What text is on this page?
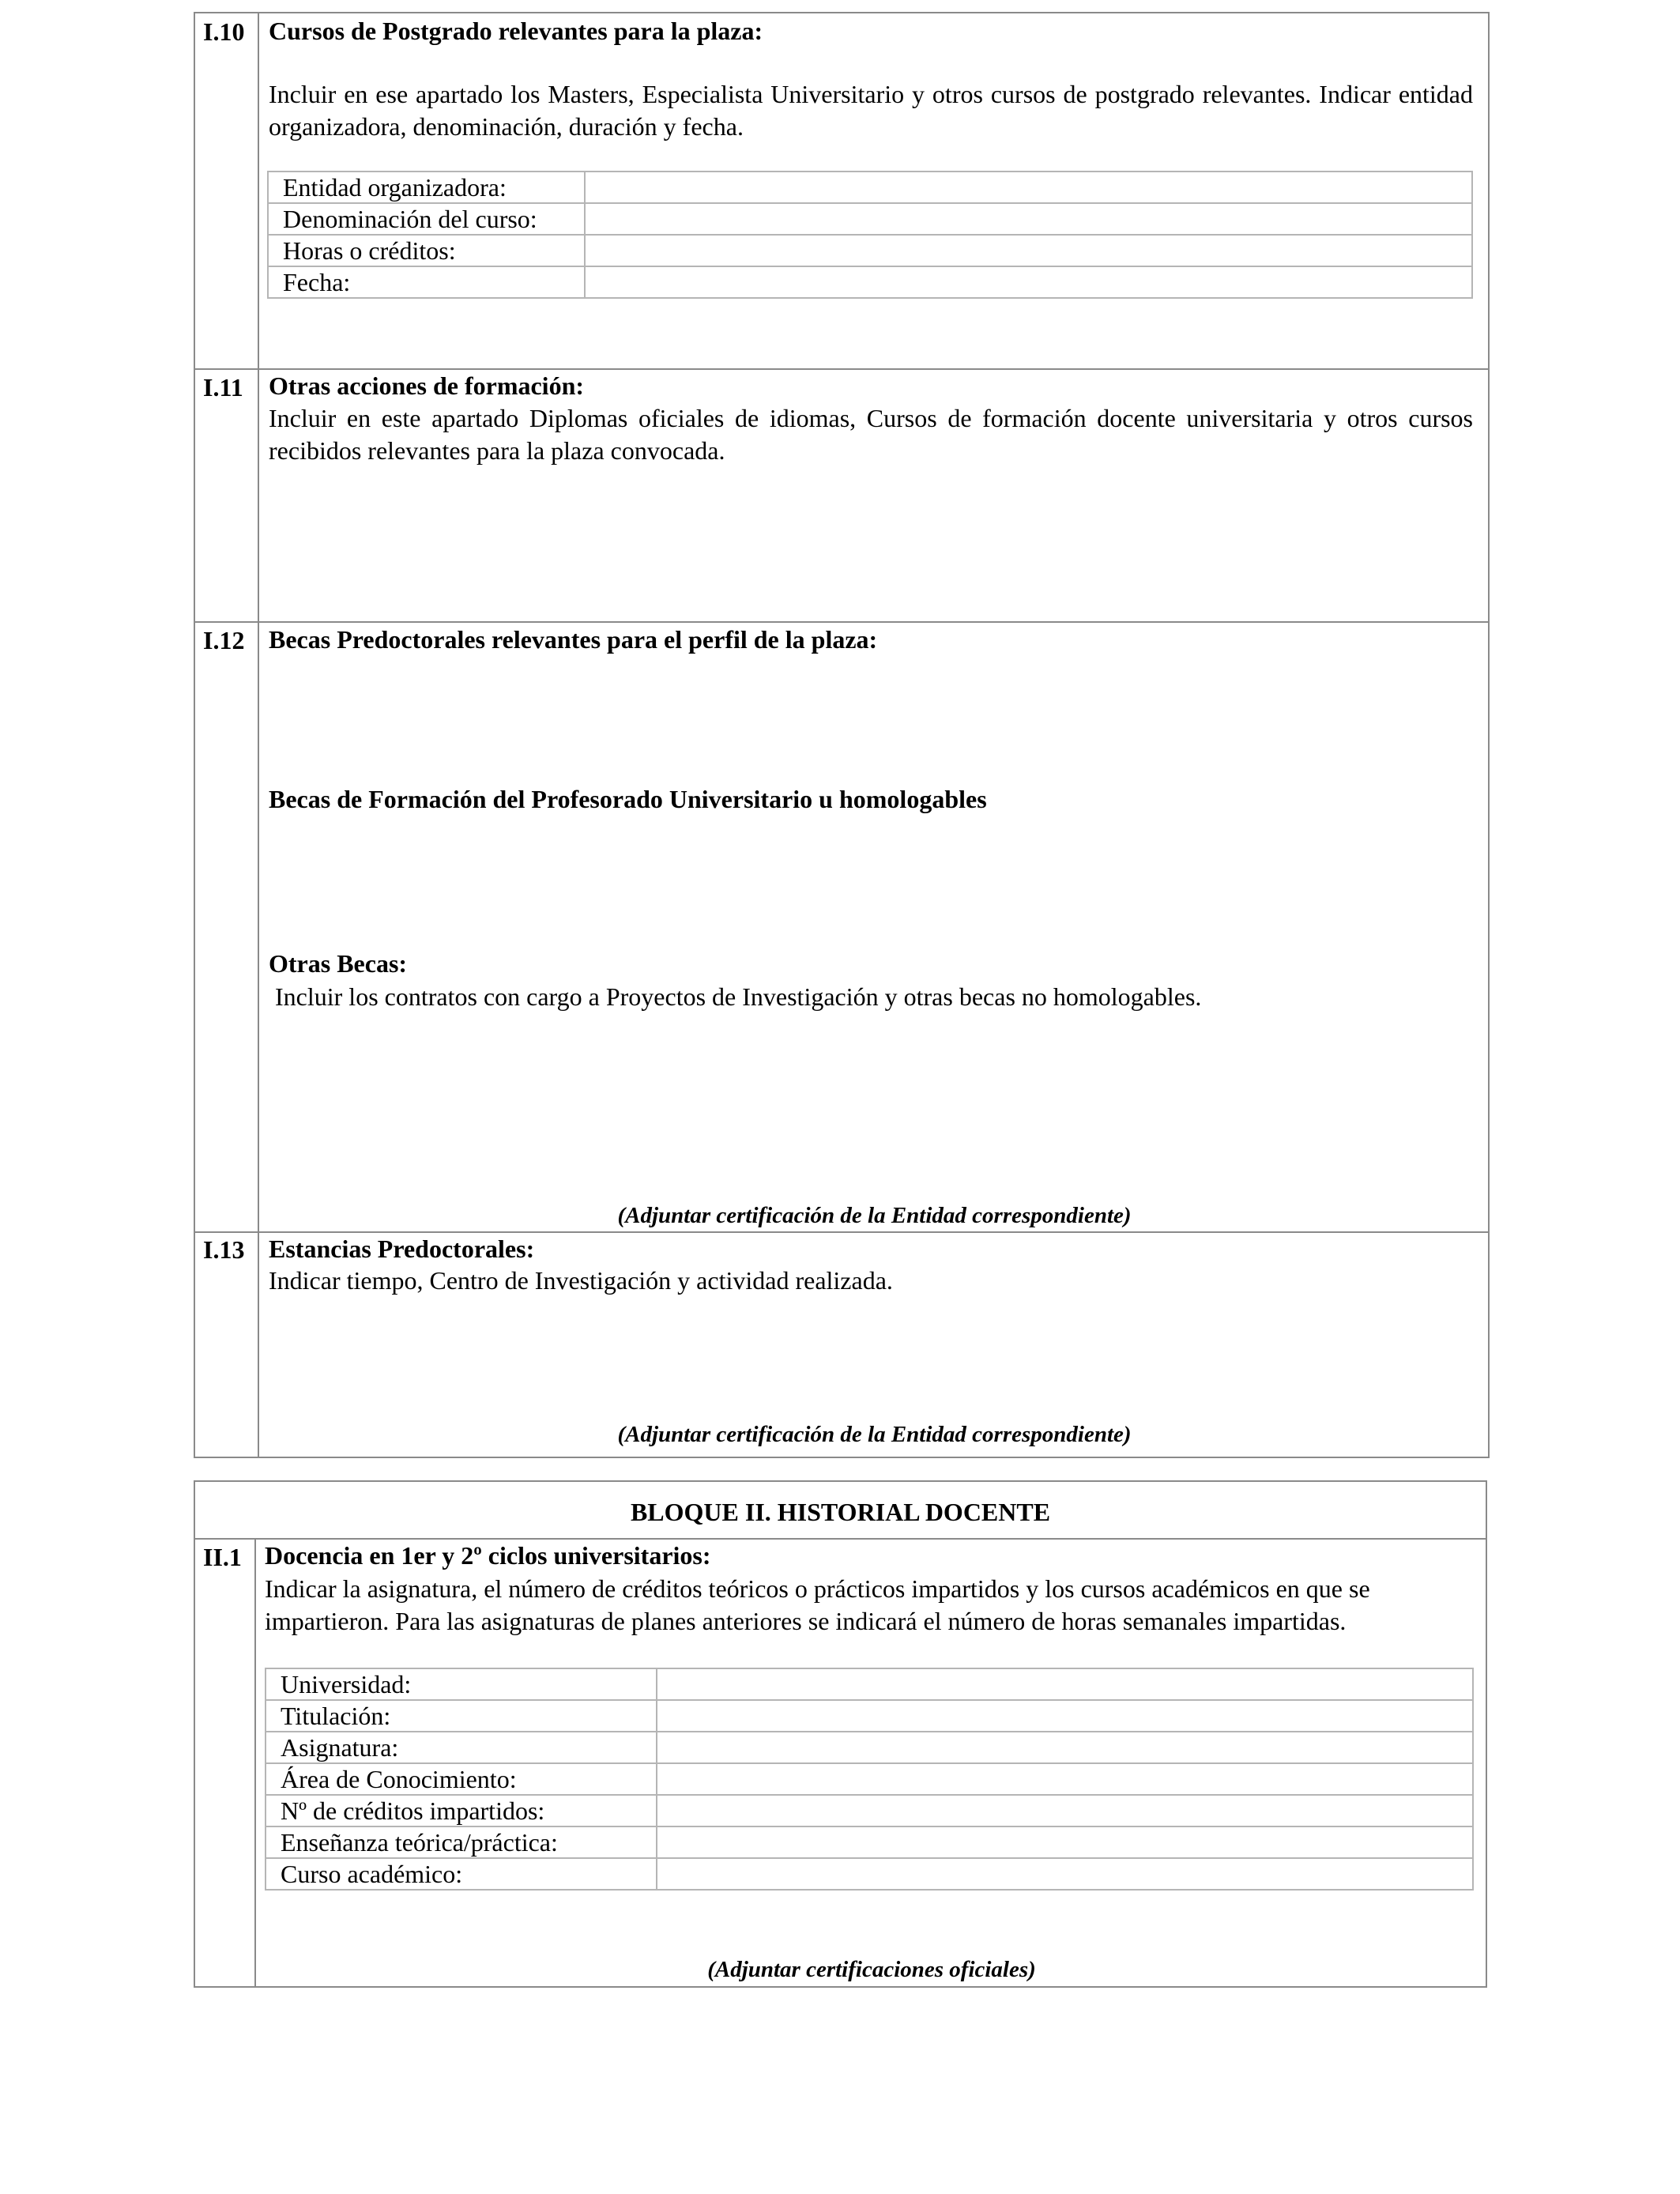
I.10 Cursos de Postgrado relevantes para la plaza:
Incluir en ese apartado los Masters, Especialista Universitario y otros cursos de postgrado relevantes. Indicar entidad organizadora, denominación, duración y fecha.
Entidad organizadora:	
Denominación del curso:	
Horas o créditos:	
Fecha:	
I.11 Otras acciones de formación:
Incluir en este apartado Diplomas oficiales de idiomas, Cursos de formación docente universitaria y otros cursos recibidos relevantes para la plaza convocada.
I.12 Becas Predoctorales relevantes para el perfil de la plaza:
Becas de Formación del Profesorado Universitario u homologables
Otras Becas:
Incluir los contratos con cargo a Proyectos de Investigación y otras becas no homologables.
(Adjuntar certificación de la Entidad correspondiente)
I.13 Estancias Predoctorales:
Indicar tiempo, Centro de Investigación y actividad realizada.
(Adjuntar certificación de la Entidad correspondiente)
BLOQUE II. HISTORIAL DOCENTE
II.1 Docencia en 1er y 2º ciclos universitarios:
Indicar la asignatura, el número de créditos teóricos o prácticos impartidos y los cursos académicos en que se impartieron. Para las asignaturas de planes anteriores se indicará el número de horas semanales impartidas.
Universidad:	
Titulación:	
Asignatura:	
Área de Conocimiento:	
Nº de créditos impartidos:	
Enseñanza teórica/práctica:	
Curso académico:	
(Adjuntar certificaciones oficiales)
